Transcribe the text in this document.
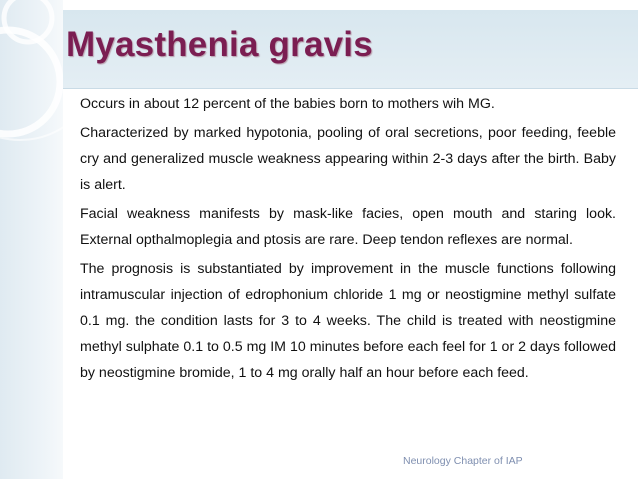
Myasthenia gravis

Occurs in about 12 percent of the babies born to mothers wih MG.

Characterized by marked hypotonia, pooling of oral secretions, poor feeding, feeble cry and generalized muscle weakness appearing within 2-3 days after the birth. Baby is alert.

Facial weakness manifests by mask-like facies, open mouth and staring look. External opthalmoplegia and ptosis are rare. Deep tendon reflexes are normal.

The prognosis is substantiated by improvement in the muscle functions following intramuscular injection of edrophonium chloride 1 mg or neostigmine methyl sulfate 0.1 mg. the condition lasts for 3 to 4 weeks. The child is treated with neostigmine methyl sulphate 0.1 to 0.5 mg IM 10 minutes before each feel for 1 or 2 days followed by neostigmine bromide, 1 to 4 mg orally half an hour before each feed.

Neurology Chapter of IAP
